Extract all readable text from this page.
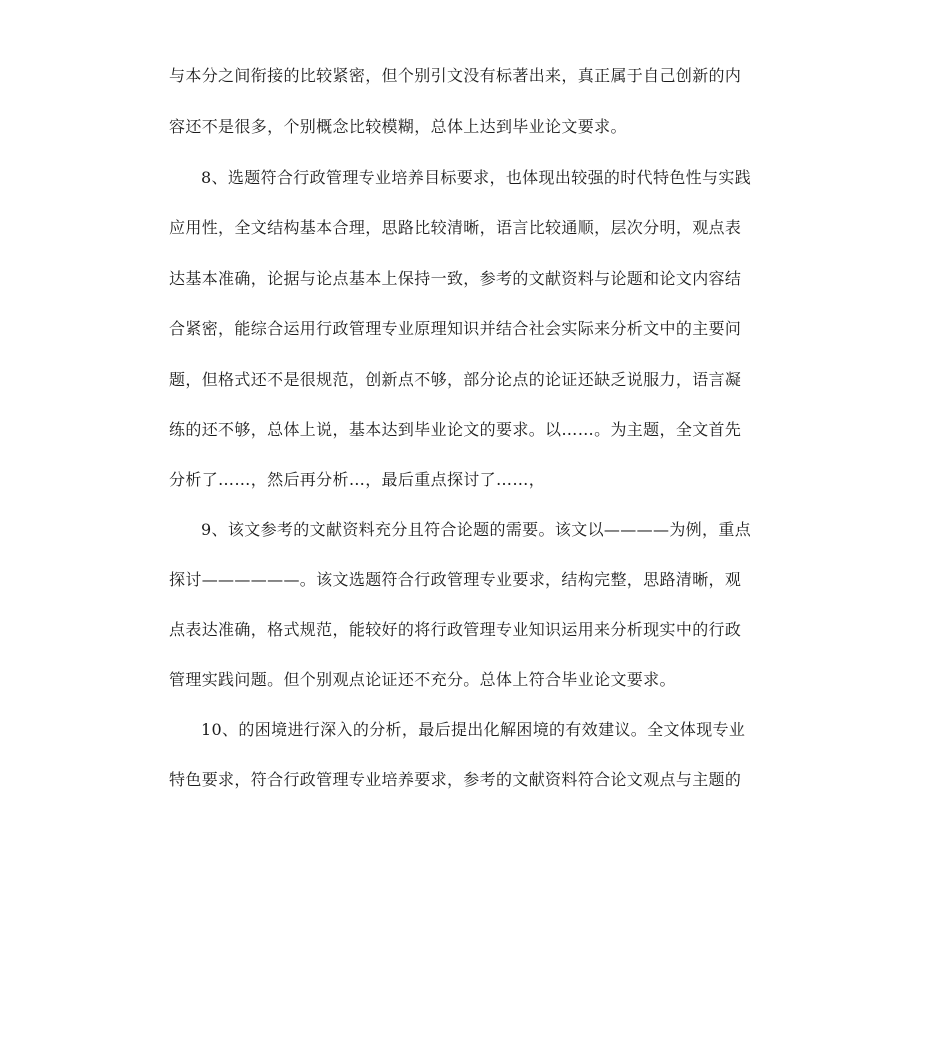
与本分之间衔接的比较紧密，但个别引文没有标著出来，真正属于自己创新的内
容还不是很多，个别概念比较模糊，总体上达到毕业论文要求。
8、选题符合行政管理专业培养目标要求，也体现出较强的时代特色性与实践
应用性，全文结构基本合理，思路比较清晰，语言比较通顺，层次分明，观点表
达基本准确，论据与论点基本上保持一致，参考的文献资料与论题和论文内容结
合紧密，能综合运用行政管理专业原理知识并结合社会实际来分析文中的主要问
题，但格式还不是很规范，创新点不够，部分论点的论证还缺乏说服力，语言凝
练的还不够，总体上说，基本达到毕业论文的要求。以……。为主题，全文首先
分析了……，然后再分析…，最后重点探讨了……，
9、该文参考的文献资料充分且符合论题的需要。该文以————为例，重点
探讨——————。该文选题符合行政管理专业要求，结构完整，思路清晰，观
点表达准确，格式规范，能较好的将行政管理专业知识运用来分析现实中的行政
管理实践问题。但个别观点论证还不充分。总体上符合毕业论文要求。
10、的困境进行深入的分析，最后提出化解困境的有效建议。全文体现专业
特色要求，符合行政管理专业培养要求，参考的文献资料符合论文观点与主题的
